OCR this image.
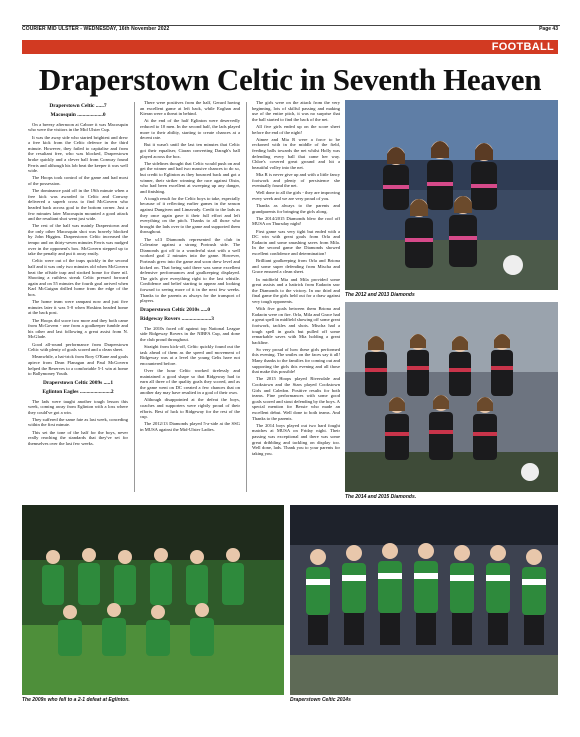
COURIER MID ULSTER - WEDNESDAY, 16th November 2022	Page 43
FOOTBALL
Draperstown Celtic in Seventh Heaven

Draperstown Celtic ......7

Macosquin ...................0

On a breezy afternoon at Cabore it was Macosquin who were the visitors in the Mid Ulster Cup.

It was the away side who started brightest and drew a free kick from the Celtic defence in the third minute. However, they failed to capitalise and from the resultant free, who was blocked, Draperstown broke quickly and a clever ball from Conway found Ferris and although his lob beat the keeper it was well wide.

The Hoops took control of the game and had most of the possession.

The dominance paid off in the 19th minute when a free kick was awarded to Celtic and Conway delivered a superb cross to find McGovern who headed back across goal to the bottom corner. Just a few minutes later Macosquin mounted a good attack and the resultant shot went just wide.

The rest of the half was mainly Draperstown and the only other Macosquin shot was bravely blocked by John Higgins. Draperstown Celtic increased the tempo and on thirty-seven minutes Ferris was nudged over in the opponent's box. McGovern stepped up to take the penalty and put it away easily.

Celtic were out of the traps quickly in the second half and it was only two minutes old when McGovern beat the offside trap and stroked home for three nil. Shooting a ruthless streak Celtic pressed forward again and on 55 minutes the fourth goal arrived when Karl McGuigan drilled home from the edge of the box.

The home team were rampant now and just five minutes later it was 5-0 when Hoskins headed home at the back post.

The Hoops did score two more and they both came from McGovern - one from a goalkeeper fumble and his other and last following a great assist from N. McGlade.

Good all-round performance from Draperstown Celtic with plenty of goals scored and a clean sheet.

Meanwhile, a hat-trick from Rory O'Kane and goals apiece from Dean Flanagan and Paul McGovern helped the Reserves to a comfortable 5-1 win at home to Ballymoney Youth.

Draperstown Celtic 2009s .....1

Eglinton Eagles .......................2

The lads were taught another tough lesson this week, coming away from Eglinton with a loss where they could've got a win.

They suffered the same fate as last week, conceding within the first minute.

This set the tone of the half for the boys, never really reaching the standards that they've set for themselves over the last few weeks.

There were positives from the half, Gerard having an excellent game at left back, while Eoghan and Kieran were a threat in behind.

At the end of the half Eglinton were deservedly reduced to 10 men. In the second half, the lads played more to their ability, starting to create chances at a decent rate.

But it wasn't until the last ten minutes that Celtic got their equaliser, Ciaran converting Daragh's ball played across the box.

The sidelines thought that Celtic would push on and get the winner and had two massive chances to do so, but credit to Eglinton as they bounced back and got a winner, their striker winning the race against Oisin, who had been excellent at sweeping up any danger, and finishing.

A tough result for the Celtic boys to take, especially because of it reflecting earlier games in the season against Dungiven and Limavady. Credit to the lads as they once again gave it their full effort and left everything on the pitch. Thanks to all those who brought the lads over to the game and supported them throughout.

The u13 Diamonds represented the club in Coleraine against a strong Portrush side. The Diamonds got off to a wonderful start with a well worked goal 2 minutes into the game. However, Portrush grew into the game and soon drew level and kicked on. That being said there was some excellent defensive performances and goalkeeping displayed. The girls give everything right to the last whistle. Confidence and belief starting to appear and looking forward to seeing more of it in the next few weeks. Thanks to the parents as always for the transport of players.

Draperstown Celtic 2010s .....0

Ridgeway Rovers ......................3

The 2010s faced off against top National League side Ridgeway Rovers in the NIBFA Cup, and done the club proud throughout.

Straight from kick-off, Celtic quickly found out the task ahead of them as the speed and movement of Ridgeway was at a level the young Gelts have not encountered before.

Over the hour Celtic worked tirelessly and maintained a good shape so that Ridgeway had to earn all three of the quality goals they scored, and as the game went on DC created a few chances that on another day may have resulted in a goal of their own.

Although disappointed at the defeat the boys, coaches and supporters were rightly proud of their efforts. Best of luck to Ridgeway for the rest of the cup.

The 2012/13 Diamonds played 5-a-side at the SSG in MUSA against the Mid-Ulster Ladies.

The girls were on the attack from the very beginning, lots of skilful passing and making use of the entire pitch, it was no surprise that the ball started to find the back of the net.

All five girls ended up on the score sheet before the end of the night!

Aimee and Mia R were a force to be reckoned with in the middle of the field, feeding balls towards the net whilst Holly was defending every ball that came her way. Chloe's covered great ground and hit a beautiful volley into the net.

Mia R is never give up and with a little fancy footwork and plenty of persistence she eventually found the net.

Well done to all the girls - they are improving every week and we are very proud of you.

Thanks as always to the parents and grandparents for bringing the girls along.

The 2014/2015 Diamonds blew the roof off MUSA on Thursday night!

First game was very tight but ended with a DC win with great goals from Orla and Eadaoin and some smashing saves from Mila. In the second game the Diamonds showed excellent confidence and determination!

Brilliant goalkeeping from Orla and Briona and some super defending from Mischa and Grace ensured a clean sheet.

In midfield Mia and Mila provided some great assists and a hattrick from Eadaoin saw the Diamonds to the victory. In our third and final game the girls held out for a draw against very tough opponents.

With five goals between them Briona and Eadaoin were on fire. Orla, Mila and Grace had a great spell in midfield showing off some great footwork, tackles and shots. Mischa had a tough spell in goals but pulled off some remarkable saves with Mia holding a great backline.

So very proud of how these girls performed this evening. The smiles on the faces say it all! Many thanks to the families for coming out and supporting the girls this evening and all those that make this possible!

The 2015 Hoops played Riversdale and Cookstown and the Stars played Cookstown Girls and Caledon. Positive results for both teams. Fine performances with some good goals scored and stout defending by the boys. A special mention for Bessie who made an excellent debut. Well done to both teams. And Thanks to the parents.

The 2014 boys played out two hard fought matches at MUSA on Friday night. Their passing was exceptional and there was some great dribbling and tackling on display too. Well done, lads. Thank you to your parents for taking you.

The 2012 and 2013 Diamonds
The 2014 and 2015 Diamonds.
The 2009s who fell to a 2-1 defeat at Eglinton.	Draperstown Celtic 2014s
